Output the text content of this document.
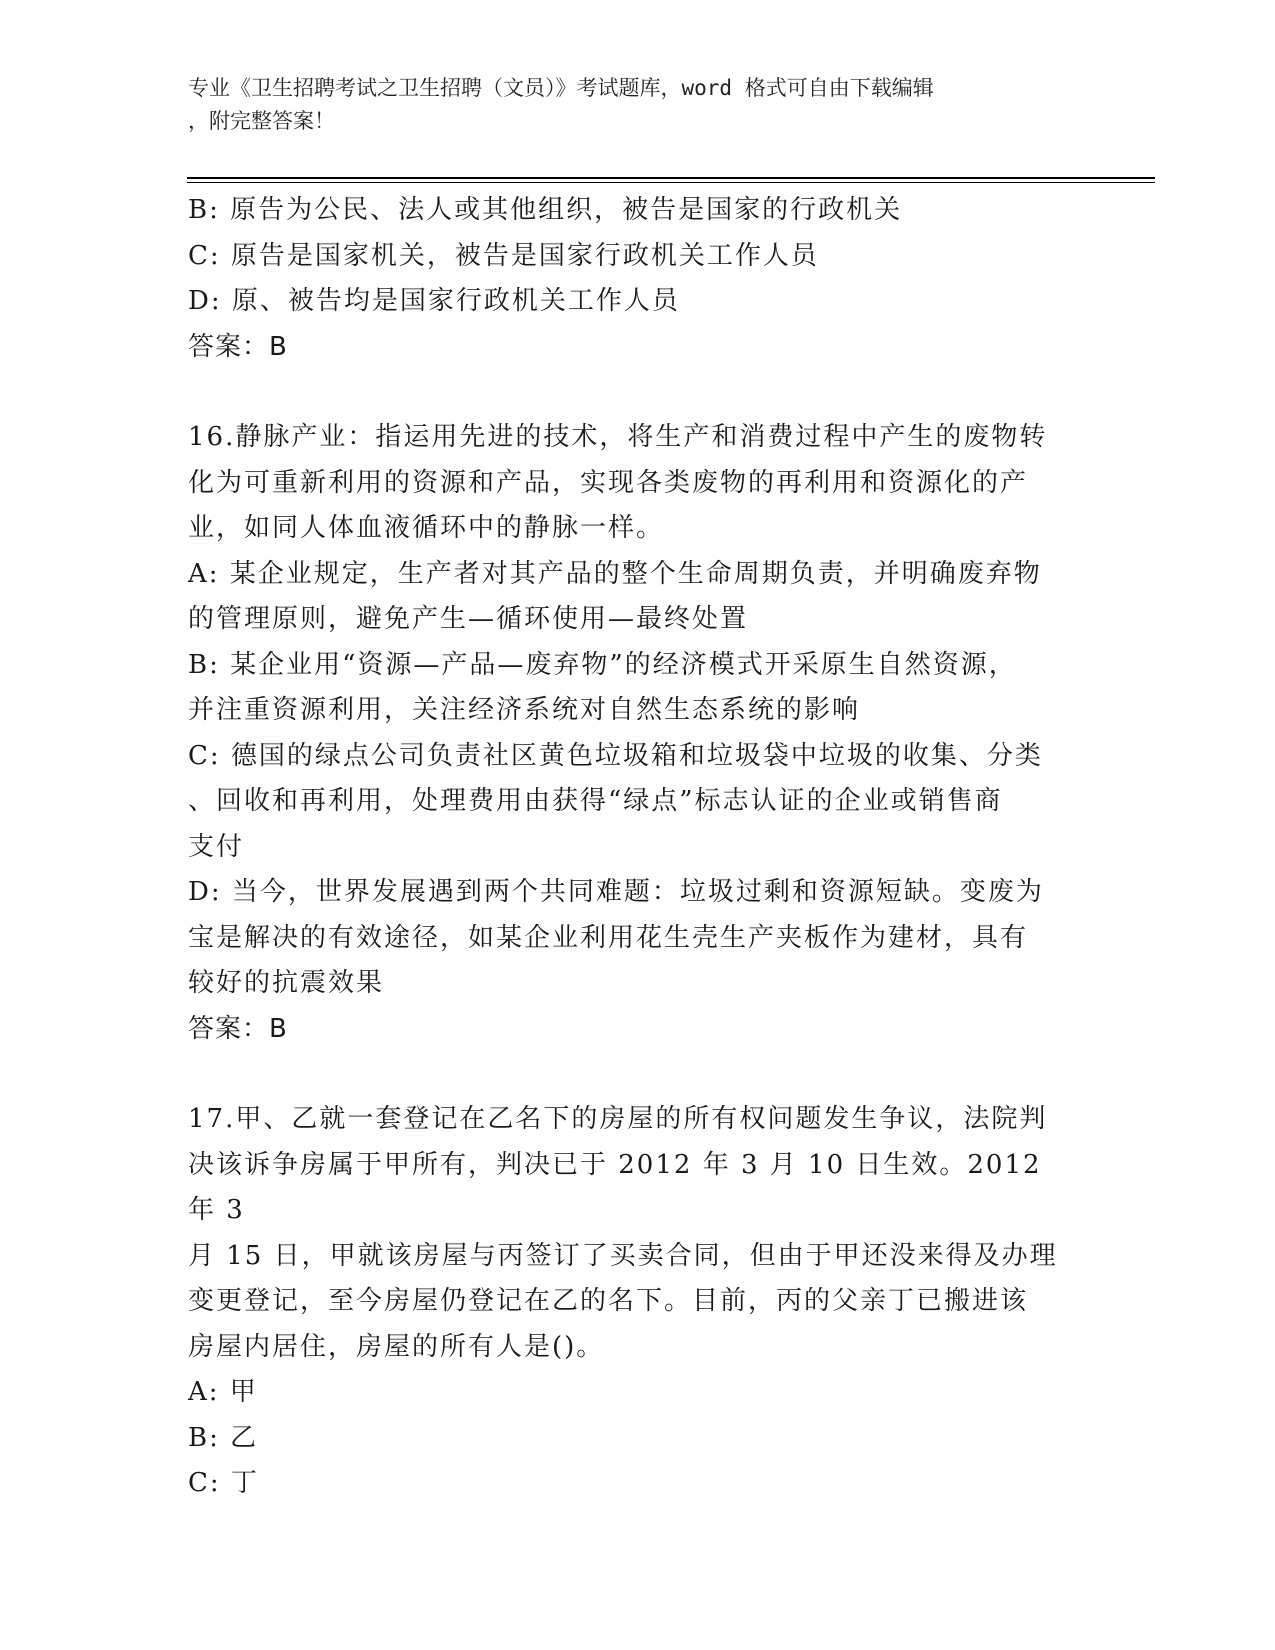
专业《卫生招聘考试之卫生招聘（文员）》考试题库，word 格式可自由下载编辑
，附完整答案！

B: 原告为公民、法人或其他组织，被告是国家的行政机关

C: 原告是国家机关，被告是国家行政机关工作人员

D: 原、被告均是国家行政机关工作人员

答案：B

16.静脉产业：指运用先进的技术，将生产和消费过程中产生的废物转

化为可重新利用的资源和产品，实现各类废物的再利用和资源化的产

业，如同人体血液循环中的静脉一样。

A: 某企业规定，生产者对其产品的整个生命周期负责，并明确废弃物

的管理原则，避免产生—循环使用—最终处置

B: 某企业用“资源—产品—废弃物”的经济模式开采原生自然资源，

并注重资源利用，关注经济系统对自然生态系统的影响

C: 德国的绿点公司负责社区黄色垃圾箱和垃圾袋中垃圾的收集、分类

、回收和再利用，处理费用由获得“绿点”标志认证的企业或销售商

支付

D: 当今，世界发展遇到两个共同难题：垃圾过剩和资源短缺。变废为

宝是解决的有效途径，如某企业利用花生壳生产夹板作为建材，具有

较好的抗震效果

答案：B

17.甲、乙就一套登记在乙名下的房屋的所有权问题发生争议，法院判

决该诉争房属于甲所有，判决已于 2012 年 3 月 10 日生效。2012 年 3

月 15 日，甲就该房屋与丙签订了买卖合同，但由于甲还没来得及办理

变更登记，至今房屋仍登记在乙的名下。目前，丙的父亲丁已搬进该

房屋内居住，房屋的所有人是()。

A: 甲

B: 乙

C: 丁
